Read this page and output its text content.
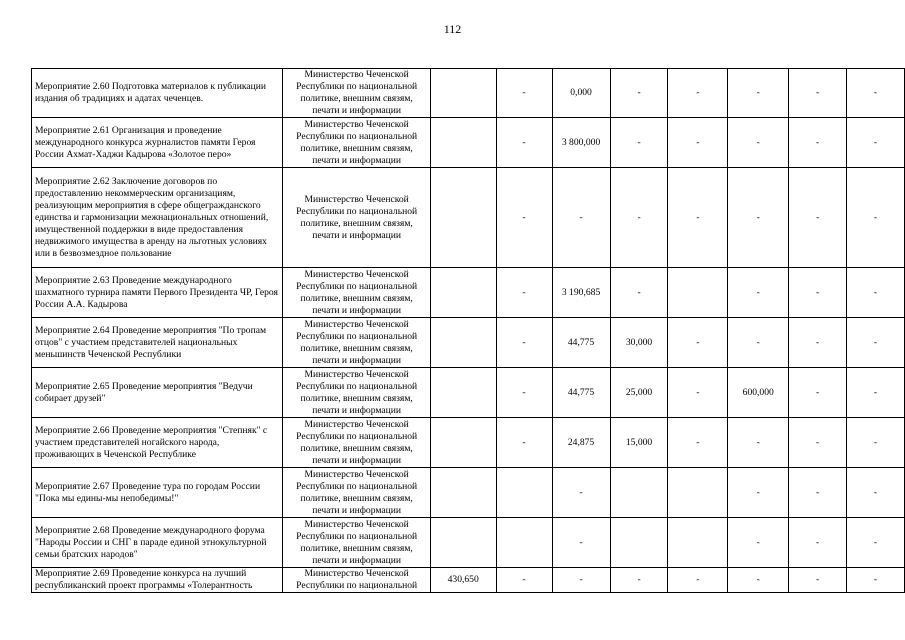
112
Мероприятие 2.60 Подготовка материалов к публикации издания об традициях и адатах чеченцев.	Министерство Чеченской Республики по национальной политике, внешним связям, печати и информации		-	0,000	-	-	-	-	-
Мероприятие 2.61 Организация и проведение международного конкурса журналистов памяти Героя России Ахмат-Хаджи Кадырова «Золотое перо»	Министерство Чеченской Республики по национальной политике, внешним связям, печати и информации		-	3 800,000	-	-	-	-	-
Мероприятие 2.62 Заключение договоров по предоставлению некоммерческим организациям, реализующим мероприятия в сфере общегражданского единства и гармонизации межнациональных отношений, имущественной поддержки в виде предоставления недвижимого имущества в аренду на льготных условиях или в безвозмездное пользование	Министерство Чеченской Республики по национальной политике, внешним связям, печати и информации		-	-	-	-	-	-	-
Мероприятие 2.63 Проведение международного шахматного турнира памяти Первого Президента ЧР, Героя России А.А. Кадырова	Министерство Чеченской Республики по национальной политике, внешним связям, печати и информации		-	3 190,685	-		-	-	-
Мероприятие 2.64 Проведение мероприятия "По тропам отцов" с участием представителей национальных меньшинств Чеченской Республики	Министерство Чеченской Республики по национальной политике, внешним связям, печати и информации		-	44,775	30,000	-	-	-	-
Мероприятие 2.65 Проведение мероприятия "Ведучи собирает друзей"	Министерство Чеченской Республики по национальной политике, внешним связям, печати и информации		-	44,775	25,000	-	600,000	-	-
Мероприятие 2.66 Проведение мероприятия "Степняк" с участием представителей ногайского народа, проживающих в Чеченской Республике	Министерство Чеченской Республики по национальной политике, внешним связям, печати и информации		-	24,875	15,000	-	-	-	-
Мероприятие 2.67 Проведение тура по городам России "Пока мы едины-мы непобедимы!"	Министерство Чеченской Республики по национальной политике, внешним связям, печати и информации			-			-	-	-
Мероприятие 2.68 Проведение международного форума "Народы России и СНГ в параде единой этнокультурной семьи братских народов"	Министерство Чеченской Республики по национальной политике, внешним связям, печати и информации			-			-	-	-
Мероприятие 2.69 Проведение конкурса на лучший республиканский проект программы «Толерантность	Министерство Чеченской Республики по национальной	430,650	-	-	-	-	-	-	-
